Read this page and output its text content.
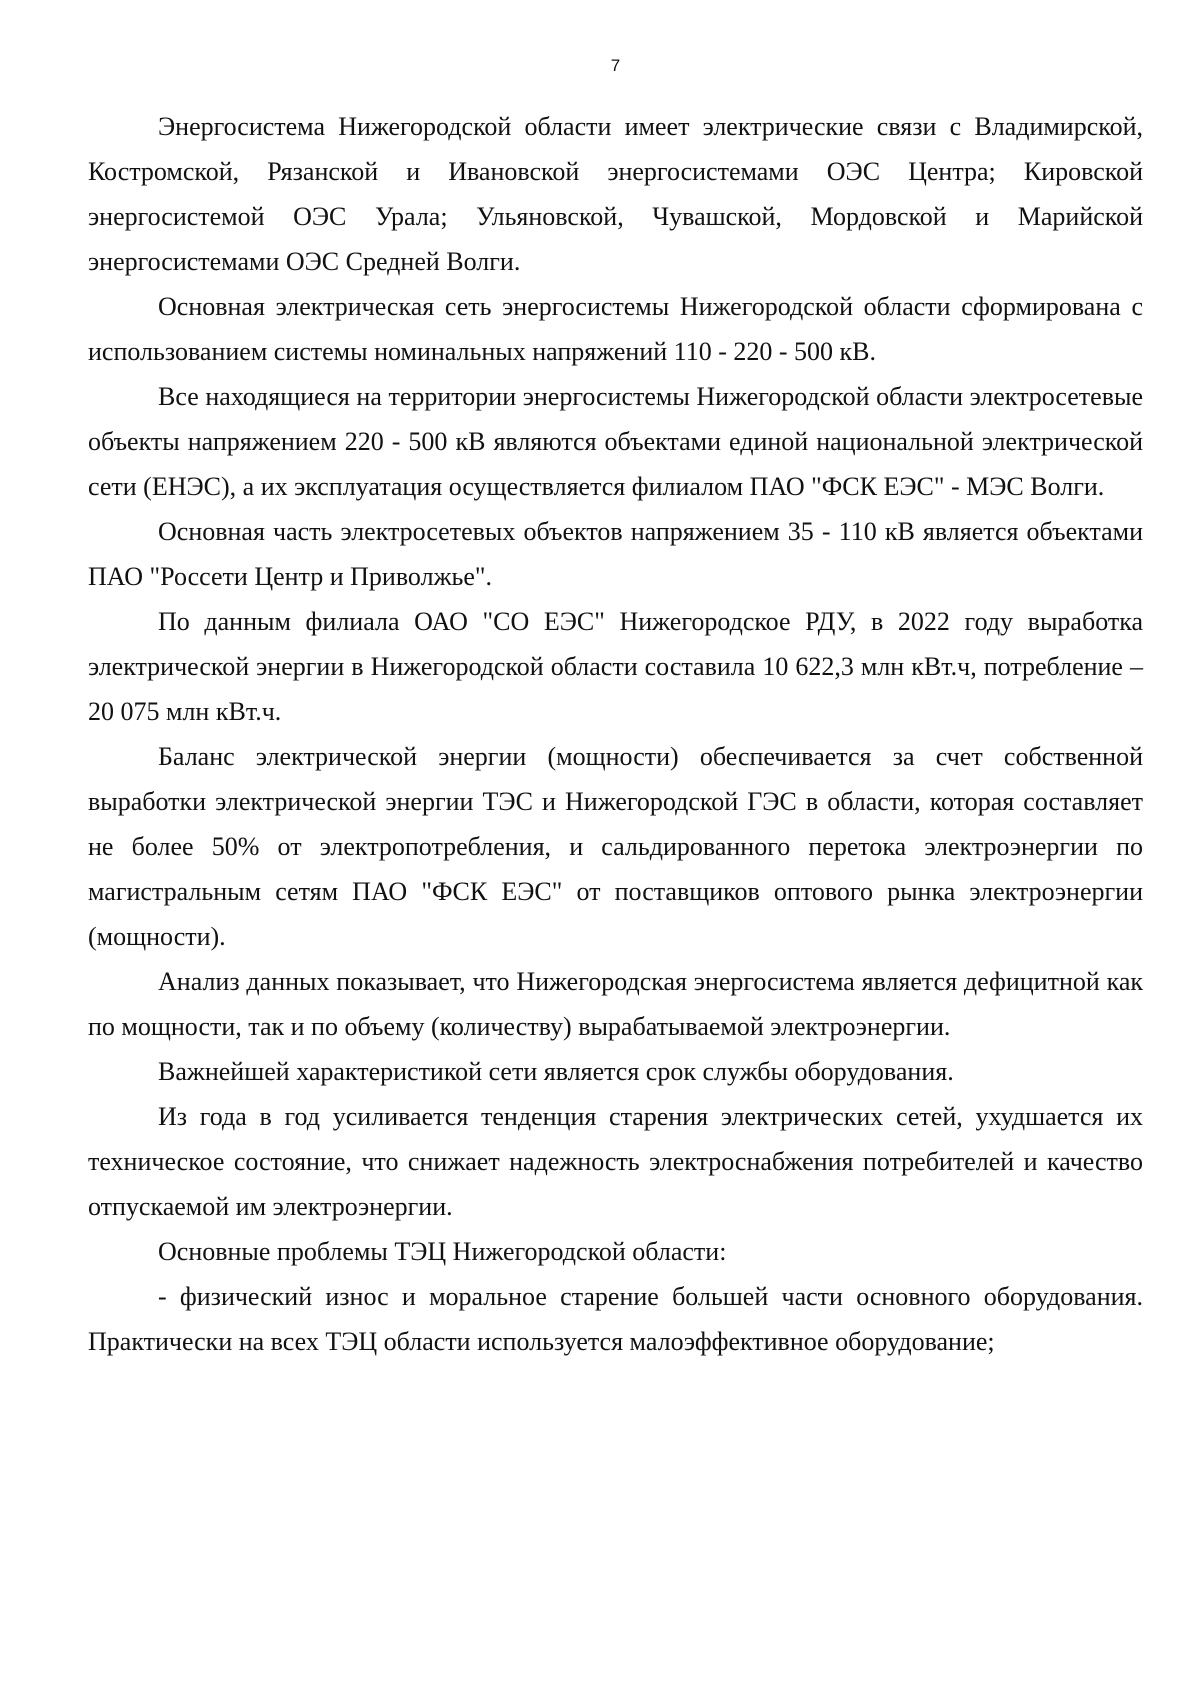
7

Энергосистема Нижегородской области имеет электрические связи с Владимирской, Костромской, Рязанской и Ивановской энергосистемами ОЭС Центра; Кировской энергосистемой ОЭС Урала; Ульяновской, Чувашской, Мордовской и Марийской энергосистемами ОЭС Средней Волги.

Основная электрическая сеть энергосистемы Нижегородской области сформирована с использованием системы номинальных напряжений 110 - 220 - 500 кВ.

Все находящиеся на территории энергосистемы Нижегородской области электросетевые объекты напряжением 220 - 500 кВ являются объектами единой национальной электрической сети (ЕНЭС), а их эксплуатация осуществляется филиалом ПАО "ФСК ЕЭС" - МЭС Волги.

Основная часть электросетевых объектов напряжением 35 - 110 кВ является объектами ПАО "Россети Центр и Приволжье".

По данным филиала ОАО "СО ЕЭС" Нижегородское РДУ, в 2022 году выработка электрической энергии в Нижегородской области составила 10 622,3 млн кВт.ч, потребление – 20 075 млн кВт.ч.

Баланс электрической энергии (мощности) обеспечивается за счет собственной выработки электрической энергии ТЭС и Нижегородской ГЭС в области, которая составляет не более 50% от электропотребления, и сальдированного перетока электроэнергии по магистральным сетям ПАО "ФСК ЕЭС" от поставщиков оптового рынка электроэнергии (мощности).

Анализ данных показывает, что Нижегородская энергосистема является дефицитной как по мощности, так и по объему (количеству) вырабатываемой электроэнергии.

Важнейшей характеристикой сети является срок службы оборудования.

Из года в год усиливается тенденция старения электрических сетей, ухудшается их техническое состояние, что снижает надежность электроснабжения потребителей и качество отпускаемой им электроэнергии.

Основные проблемы ТЭЦ Нижегородской области:

- физический износ и моральное старение большей части основного оборудования. Практически на всех ТЭЦ области используется малоэффективное оборудование;
